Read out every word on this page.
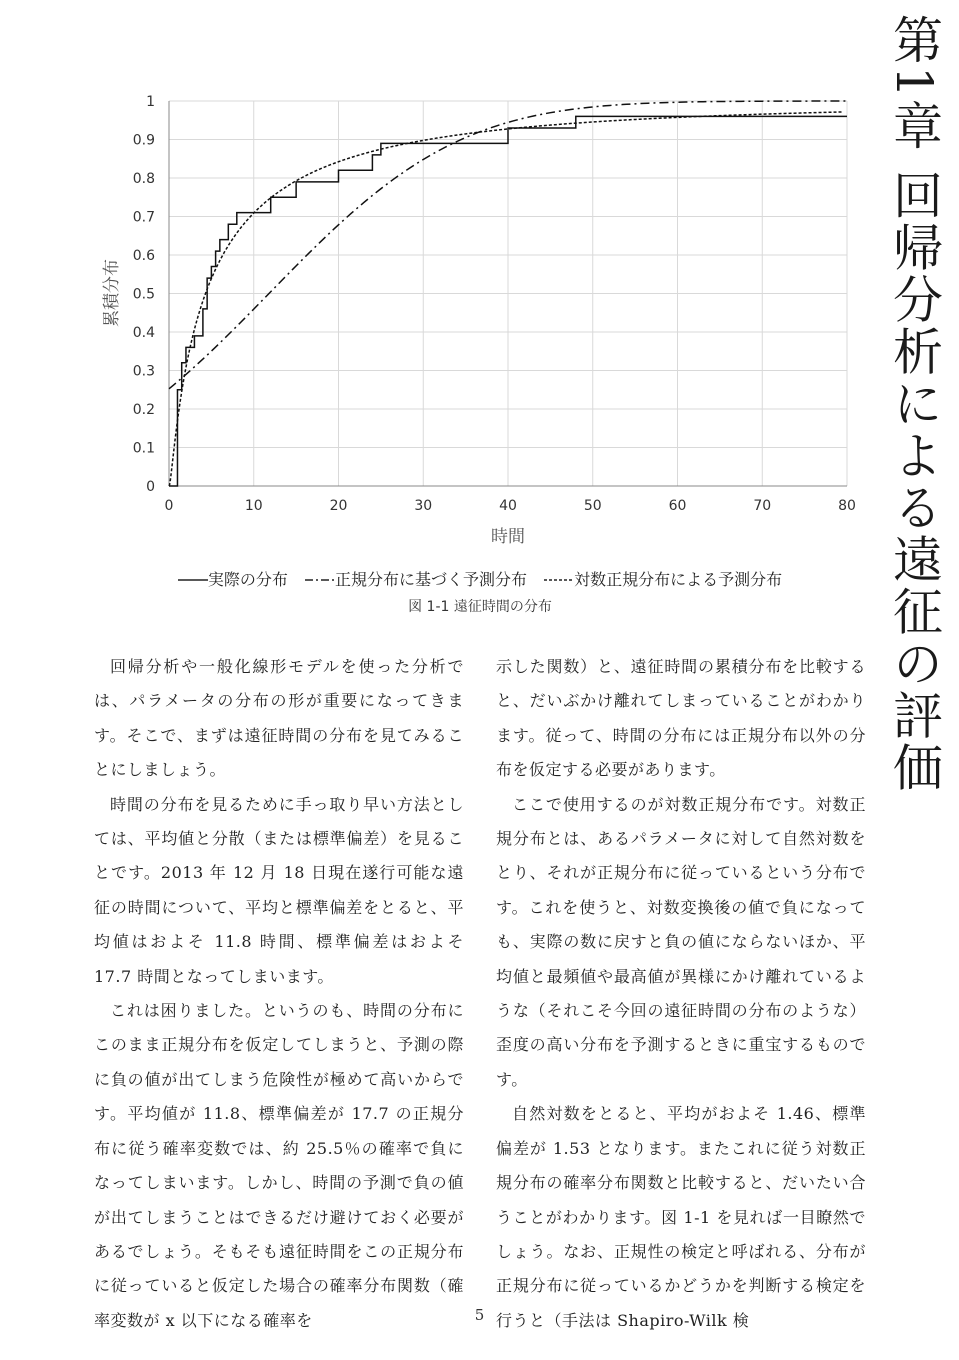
第1章 回帰分析による遠征の評価
0
0.1
0.2
0.3
0.4
0.5
0.6
0.7
0.8
0.9
1
0	10	20	30	40	50	60	70	80
時間
累積分布
実際の分布	正規分布に基づく予測分布	対数正規分布による予測分布
図 1-1 遠征時間の分布

回帰分析や一般化線形モデルを使った分析では、パラメータの分布の形が重要になってきます。そこで、まずは遠征時間の分布を見てみることにしましょう。

時間の分布を見るために手っ取り早い方法としては、平均値と分散（または標準偏差）を見ることです。2013 年 12 月 18 日現在遂行可能な遠征の時間について、平均と標準偏差をとると、平均値はおよそ 11.8 時間、標準偏差はおよそ 17.7 時間となってしまいます。

これは困りました。というのも、時間の分布にこのまま正規分布を仮定してしまうと、予測の際に負の値が出てしまう危険性が極めて高いからです。平均値が 11.8、標準偏差が 17.7 の正規分布に従う確率変数では、約 25.5％の確率で負になってしまいます。しかし、時間の予測で負の値が出てしまうことはできるだけ避けておく必要があるでしょう。そもそも遠征時間をこの正規分布に従っていると仮定した場合の確率分布関数（確率変数が x 以下になる確率を

示した関数）と、遠征時間の累積分布を比較すると、だいぶかけ離れてしまっていることがわかります。従って、時間の分布には正規分布以外の分布を仮定する必要があります。

ここで使用するのが対数正規分布です。対数正規分布とは、あるパラメータに対して自然対数をとり、それが正規分布に従っているという分布です。これを使うと、対数変換後の値で負になっても、実際の数に戻すと負の値にならないほか、平均値と最頻値や最高値が異様にかけ離れているような（それこそ今回の遠征時間の分布のような）歪度の高い分布を予測するときに重宝するものです。

自然対数をとると、平均がおよそ 1.46、標準偏差が 1.53 となります。またこれに従う対数正規分布の確率分布関数と比較すると、だいたい合うことがわかります。図 1-1 を見れば一目瞭然でしょう。なお、正規性の検定と呼ばれる、分布が正規分布に従っているかどうかを判断する検定を行うと（手法は Shapiro-Wilk 検

5
